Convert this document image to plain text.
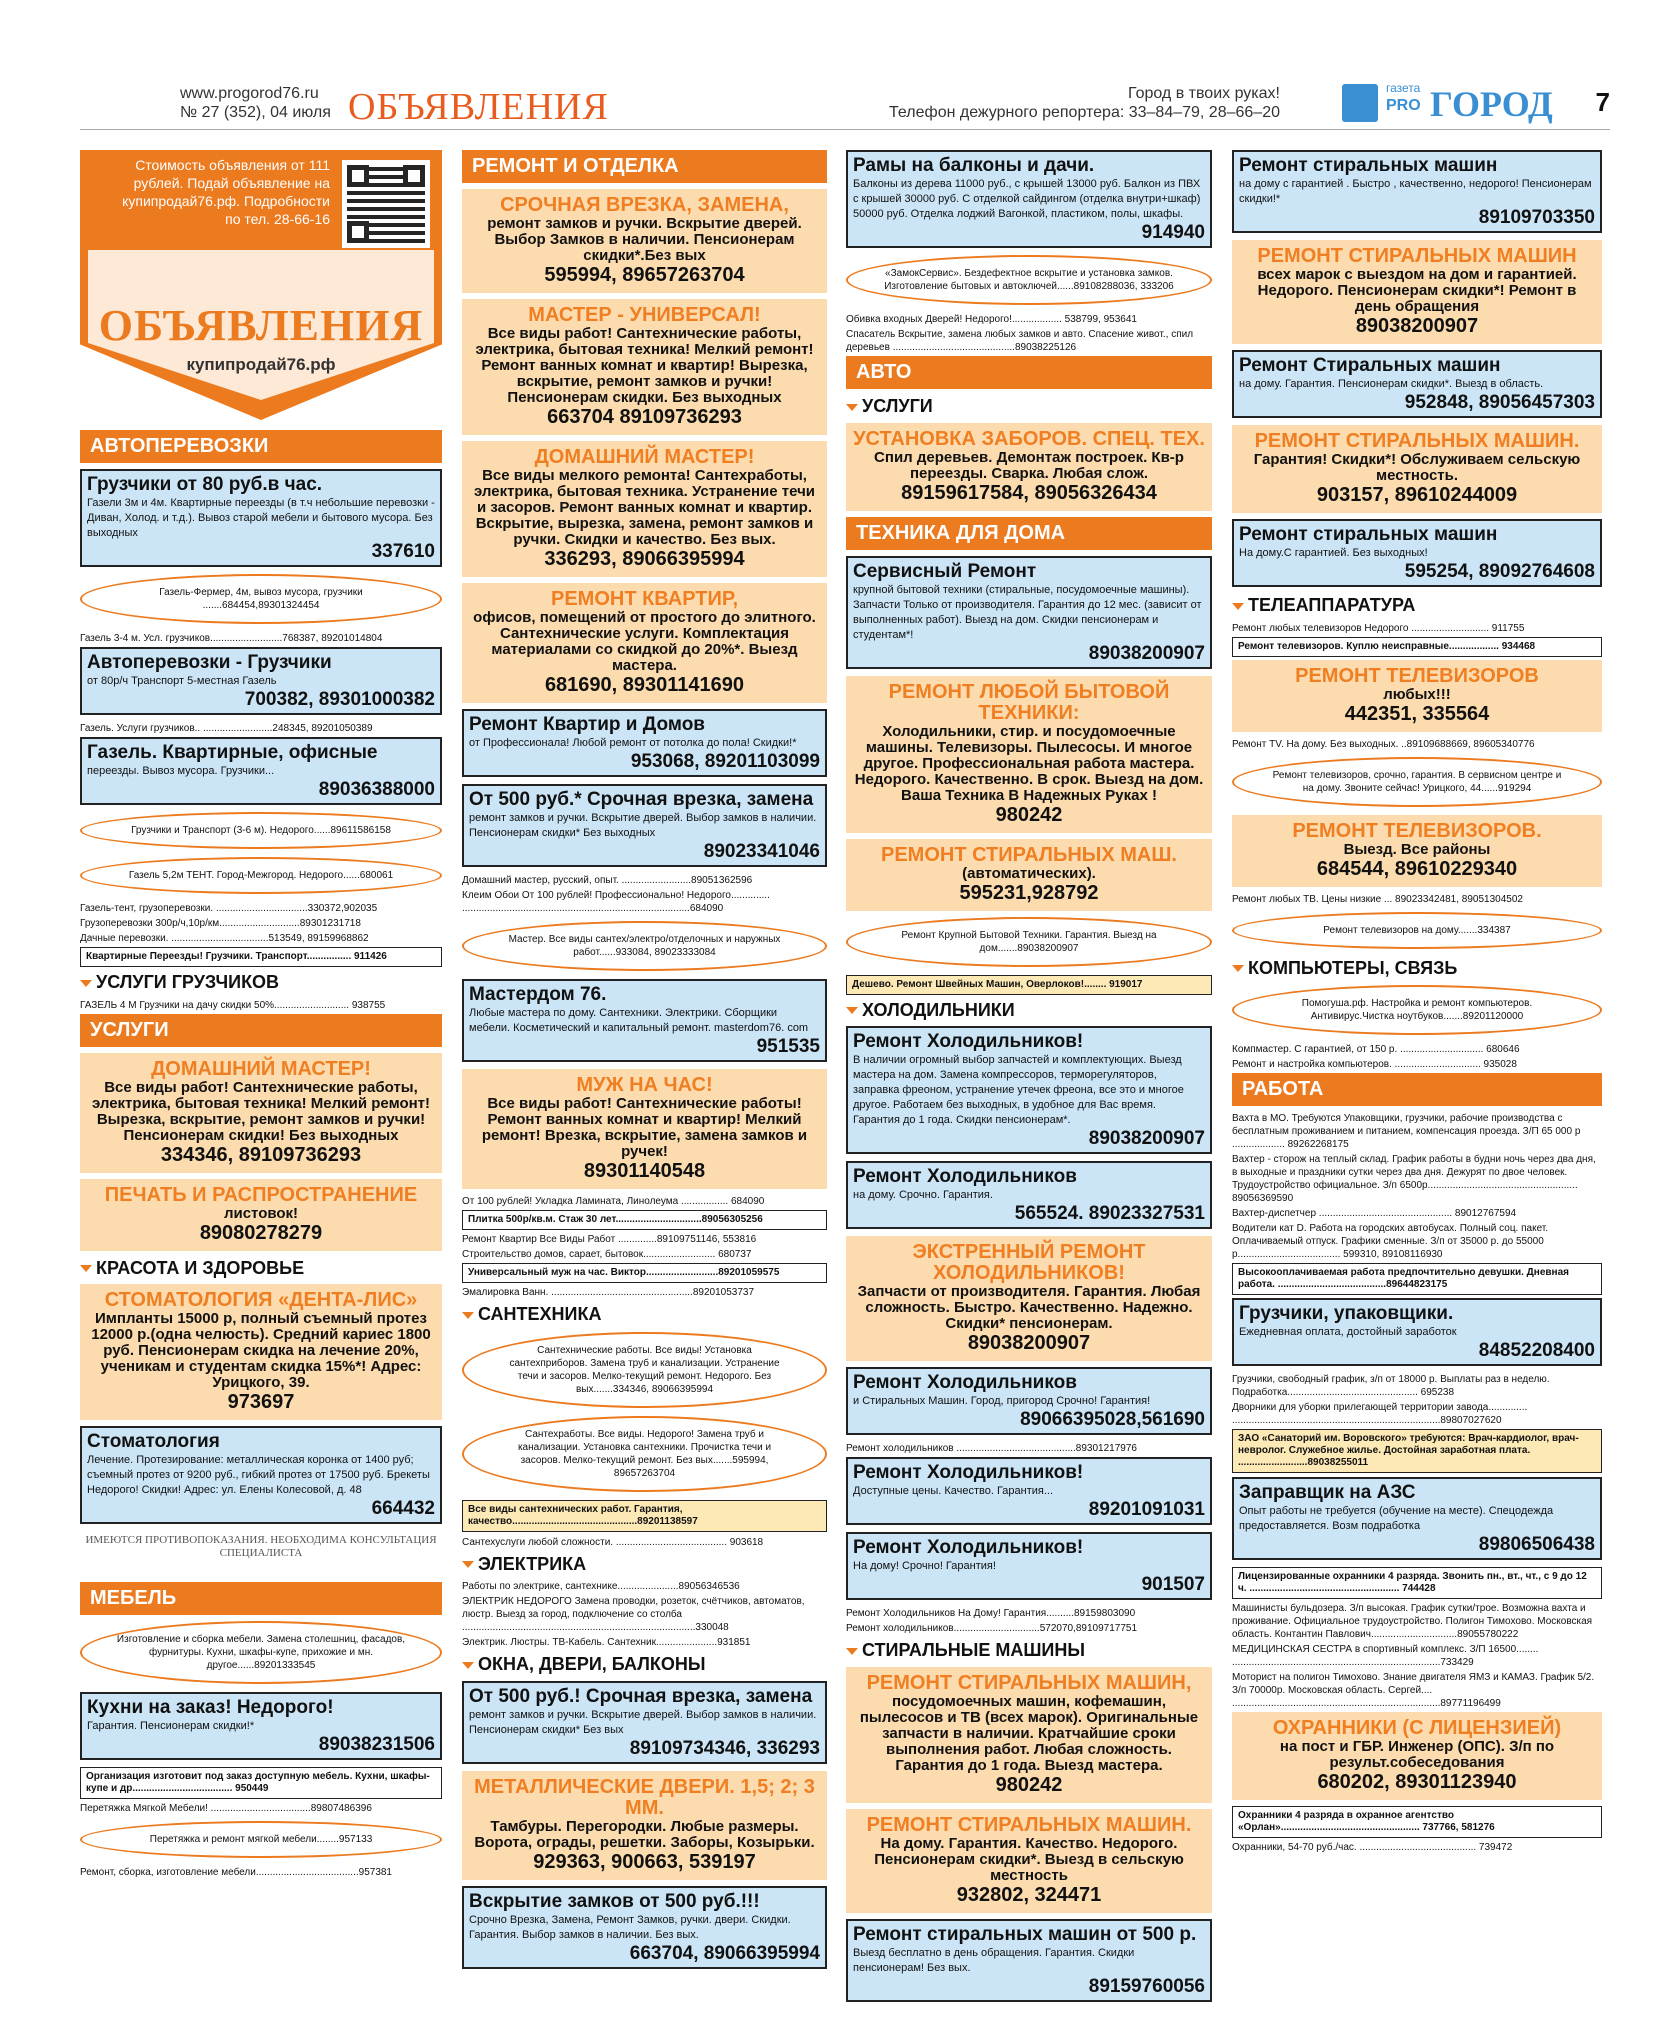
www.progorod76.ru
№ 27 (352), 04 июля ОБЪЯВЛЕНИЯ	Город в твоих руках!
Телефон дежурного репортера: 33–84–79, 28–66–20
газета
PRO ГОРОД 7
Стоимость объявления от 111 рублей. Подай объявление на купипродай76.рф. Подробности по тел. 28-66-16
ОБЪЯВЛЕНИЯ
купипродай76.рф
АВТОПЕРЕВОЗКИ
Грузчики от 80 руб.в час.
Газели 3м и 4м. Квартирные переезды (в т.ч небольшие перевозки - Диван, Холод. и т.д.). Вывоз старой мебели и бытового мусора. Без выходных
337610
Газель-Фермер, 4м, вывоз мусора, грузчики .......684454,89301324454
Газель 3-4 м. Усл. грузчиков..........................768387, 89201014804
Автоперевозки - Грузчики
от 80р/ч Транспорт 5-местная Газель
700382, 89301000382
Газель. Услуги грузчиков.. .........................248345, 89201050389
Газель. Квартирные, офисные
переезды. Вывоз мусора. Грузчики...
89036388000
Грузчики и Транспорт (3-6 м). Недорого......89611586158
Газель 5,2м ТЕНТ. Город-Межгород. Недорого......680061
Газель-тент, грузоперевозки. .................................330372,902035
Грузоперевозки 300р/ч,10р/км.............................89301231718
Дачные перевозки. ...................................513549, 89159968862
Квартирные Переезды! Грузчики. Транспорт................ 911426
УСЛУГИ ГРУЗЧИКОВ
ГАЗЕЛЬ 4 М Грузчики на дачу скидки 50%........................... 938755
УСЛУГИ
ДОМАШНИЙ МАСТЕР!
Все виды работ! Сантехнические работы, электрика, бытовая техника! Мелкий ремонт! Вырезка, вскрытие, ремонт замков и ручки! Пенсионерам скидки! Без выходных
334346, 89109736293
ПЕЧАТЬ И РАСПРОСТРАНЕНИЕ
листовок!
89080278279
КРАСОТА И ЗДОРОВЬЕ
СТОМАТОЛОГИЯ «ДЕНТА-ЛИС»
Импланты 15000 р, полный съемный протез 12000 р.(одна челюсть). Средний кариес 1800 руб. Пенсионерам скидка на лечение 20%, ученикам и студентам скидка 15%*! Адрес: Урицкого, 39.
973697
Стоматология
Лечение. Протезирование: металлическая коронка от 1400 руб; съемный протез от 9200 руб., гибкий протез от 17500 руб. Брекеты Недорого! Скидки! Адрес: ул. Елены Колесовой, д. 48
664432
ИМЕЮТСЯ ПРОТИВОПОКАЗАНИЯ. НЕОБХОДИМА КОНСУЛЬТАЦИЯ СПЕЦИАЛИСТА
МЕБЕЛЬ
Изготовление и сборка мебели. Замена столешниц, фасадов, фурнитуры. Кухни, шкафы-купе, прихожие и мн. другое......89201333545
Кухни на заказ! Недорого!
Гарантия. Пенсионерам скидки!*
89038231506
Организация изготовит под заказ доступную мебель. Кухни, шкафы-купе и др.................................... 950449
Перетяжка Мягкой Мебели! ....................................89807486396
Перетяжка и ремонт мягкой мебели........957133
Ремонт, сборка, изготовление мебели.....................................957381
РЕМОНТ И ОТДЕЛКА
СРОЧНАЯ ВРЕЗКА, ЗАМЕНА,
ремонт замков и ручки. Вскрытие дверей. Выбор Замков в наличии. Пенсионерам скидки*.Без вых
595994, 89657263704
МАСТЕР - УНИВЕРСАЛ!
Все виды работ! Сантехнические работы, электрика, бытовая техника! Мелкий ремонт! Ремонт ванных комнат и квартир! Вырезка, вскрытие, ремонт замков и ручки! Пенсионерам скидки. Без выходных
663704 89109736293
ДОМАШНИЙ МАСТЕР!
Все виды мелкого ремонта! Сантехработы, электрика, бытовая техника. Устранение течи и засоров. Ремонт ванных комнат и квартир. Вскрытие, вырезка, замена, ремонт замков и ручки. Скидки и качество. Без вых.
336293, 89066395994
РЕМОНТ КВАРТИР,
офисов, помещений от простого до элитного. Сантехнические услуги. Комплектация материалами со скидкой до 20%*. Выезд мастера.
681690, 89301141690
Ремонт Квартир и Домов
от Профессионала! Любой ремонт от потолка до пола! Скидки!*
953068, 89201103099
От 500 руб.* Срочная врезка, замена
ремонт замков и ручки. Вскрытие дверей. Выбор замков в наличии. Пенсионерам скидки* Без выходных
89023341046
Домашний мастер, русский, опыт. .........................89051362596
Клеим Обои От 100 рублей! Профессионально! Недорого.............. ..................................................................................684090
Мастер. Все виды сантех/электро/отделочных и наружных работ......933084, 89023333084
Мастердом 76.
Любые мастера по дому. Сантехники. Электрики. Сборщики мебели. Косметический и капитальный ремонт. masterdom76. com
951535
МУЖ НА ЧАС!
Все виды работ! Сантехнические работы! Ремонт ванных комнат и квартир! Мелкий ремонт! Врезка, вскрытие, замена замков и ручек!
89301140548
От 100 рублей! Укладка Ламината, Линолеума ................. 684090
Плитка 500р/кв.м. Стаж 30 лет...............................89056305256
Ремонт Квартир Все Виды Работ ..............89109751146, 553816
Строительство домов, сарает, бытовок.......................... 680737
Универсальный муж на час. Виктор..........................89201059575
Эмалировка Ванн. ...................................................89201053737
САНТЕХНИКА
Сантехнические работы. Все виды! Установка сантехприборов. Замена труб и канализации. Устранение течи и засоров. Мелко-текущий ремонт. Недорого. Без вых.......334346, 89066395994
Сантехработы. Все виды. Недорого! Замена труб и канализации. Установка сантехники. Прочистка течи и засоров. Мелко-текущий ремонт. Без вых.......595994, 89657263704
Все виды сантехнических работ. Гарантия, качество.............................................89201138597
Сантехуслуги любой сложности. ........................................ 903618
ЭЛЕКТРИКА
Работы по электрике, сантехнике......................89056346536
ЭЛЕКТРИК НЕДОРОГО Замена проводки, розеток, счётчиков, автоматов, люстр. Выезд за город, подключение со столба ....................................................................................330048
Электрик. Люстры. ТВ-Кабель. Сантехник......................931851
ОКНА, ДВЕРИ, БАЛКОНЫ
От 500 руб.! Срочная врезка, замена
ремонт замков и ручки. Вскрытие дверей. Выбор замков в наличии. Пенсионерам скидки* Без вых
89109734346, 336293
МЕТАЛЛИЧЕСКИЕ ДВЕРИ. 1,5; 2; 3 ММ.
Тамбуры. Перегородки. Любые размеры. Ворота, ограды, решетки. Заборы, Козырьки.
929363, 900663, 539197
Вскрытие замков от 500 руб.!!!
Срочно Врезка, Замена, Ремонт Замков, ручки. двери. Скидки. Гарантия. Выбор замков в наличии. Без вых.
663704, 89066395994
Рамы на балконы и дачи.
Балконы из дерева 11000 руб., с крышей 13000 руб. Балкон из ПВХ с крышей 30000 руб. С отделкой сайдингом (отделка внутри+шкаф) 50000 руб. Отделка лоджий Вагонкой, пластиком, полы, шкафы.
914940
«ЗамокСервис». Бездефектное вскрытие и установка замков. Изготовление бытовых и автоключей......89108288036, 333206
Обивка входных Дверей! Недорого!.................. 538799, 953641
Спасатель Вскрытие, замена любых замков и авто. Спасение живот., спил деревьев ............................................89038225126
АВТО
УСЛУГИ
УСТАНОВКА ЗАБОРОВ. СПЕЦ. ТЕХ.
Спил деревьев. Демонтаж построек. Кв-р переезды. Сварка. Любая слож.
89159617584, 89056326434
ТЕХНИКА ДЛЯ ДОМА
Сервисный Ремонт
крупной бытовой техники (стиральные, посудомоечные машины). Запчасти Только от производителя. Гарантия до 12 мес. (зависит от выполненных работ). Выезд на дом. Скидки пенсионерам и студентам*!
89038200907
РЕМОНТ ЛЮБОЙ БЫТОВОЙ ТЕХНИКИ:
Холодильники, стир. и посудомоечные машины. Телевизоры. Пылесосы. И многое другое. Профессиональная работа мастера. Недорого. Качественно. В срок. Выезд на дом. Ваша Техника В Надежных Руках !
980242
РЕМОНТ СТИРАЛЬНЫХ МАШ.
(автоматических).
595231,928792
Ремонт Крупной Бытовой Техники. Гарантия. Выезд на дом.......89038200907
Дешево. Ремонт Швейных Машин, Оверлоков!........ 919017
ХОЛОДИЛЬНИКИ
Ремонт Холодильников!
В наличии огромный выбор запчастей и комплектующих. Выезд мастера на дом. Замена компрессоров, терморегуляторов, заправка фреоном, устранение утечек фреона, все это и многое другое. Работаем без выходных, в удобное для Вас время. Гарантия до 1 года. Скидки пенсионерам*.
89038200907
Ремонт Холодильников
на дому. Срочно. Гарантия.
565524. 89023327531
ЭКСТРЕННЫЙ РЕМОНТ ХОЛОДИЛЬНИКОВ!
Запчасти от производителя. Гарантия. Любая сложность. Быстро. Качественно. Надежно. Скидки* пенсионерам.
89038200907
Ремонт Холодильников
и Стиральных Машин. Город, пригород Срочно! Гарантия!
89066395028,561690
Ремонт холодильников ...........................................89301217976
Ремонт Холодильников!
Доступные цены. Качество. Гарантия...
89201091031
Ремонт Холодильников!
На дому! Срочно! Гарантия!
901507
Ремонт Холодильников На Дому! Гарантия..........89159803090
Ремонт холодильников...............................572070,89109717751
СТИРАЛЬНЫЕ МАШИНЫ
РЕМОНТ СТИРАЛЬНЫХ МАШИН,
посудомоечных машин, кофемашин, пылесосов и ТВ (всех марок). Оригинальные запчасти в наличии. Кратчайшие сроки выполнения работ. Любая сложность. Гарантия до 1 года. Выезд мастера.
980242
РЕМОНТ СТИРАЛЬНЫХ МАШИН.
На дому. Гарантия. Качество. Недорого. Пенсионерам скидки*. Выезд в сельскую местность
932802, 324471
Ремонт стиральных машин от 500 р.
Выезд бесплатно в день обращения. Гарантия. Скидки пенсионерам! Без вых.
89159760056
Ремонт стиральных машин
на дому с гарантией . Быстро , качественно, недорого! Пенсионерам скидки!*
89109703350
РЕМОНТ СТИРАЛЬНЫХ МАШИН
всех марок с выездом на дом и гарантией. Недорого. Пенсионерам скидки*! Ремонт в день обращения
89038200907
Ремонт Стиральных машин
на дому. Гарантия. Пенсионерам скидки*. Выезд в область.
952848, 89056457303
РЕМОНТ СТИРАЛЬНЫХ МАШИН.
Гарантия! Скидки*! Обслуживаем сельскую местность.
903157, 89610244009
Ремонт стиральных машин
На дому.С гарантией. Без выходных!
595254, 89092764608
ТЕЛЕАППАРАТУРА
Ремонт любых телевизоров Недорого ............................ 911755
Ремонт телевизоров. Куплю неисправные.................. 934468
РЕМОНТ ТЕЛЕВИЗОРОВ
любых!!!
442351, 335564
Ремонт TV. На дому. Без выходных. ..89109688669, 89605340776
Ремонт телевизоров, срочно, гарантия. В сервисном центре и на дому. Звоните сейчас! Урицкого, 44......919294
РЕМОНТ ТЕЛЕВИЗОРОВ.
Выезд. Все районы
684544, 89610229340
Ремонт любых ТВ. Цены низкие ... 89023342481, 89051304502
Ремонт телевизоров на дому.......334387
КОМПЬЮТЕРЫ, СВЯЗЬ
Помогуша.рф. Настройка и ремонт компьютеров. Антивирус.Чистка ноутбуков.......89201120000
Компмастер. С гарантией, от 150 р. .............................. 680646
Ремонт и настройка компьютеров. ............................... 935028
РАБОТА
Вахта в МО. Требуются Упаковщики, грузчики, рабочие производства с бесплатным проживанием и питанием, компенсация проезда. З/П 65 000 р ................... 89262268175
Вахтер - сторож на теплый склад. График работы в будни ночь через два дня, в выходные и праздники сутки через два дня. Дежурят по двое человек. Трудоустройство официальное. З/п 6500р...................................................... 89056369590
Вахтер-диспетчер ................................................ 89012767594
Водители кат D. Работа на городских автобусах. Полный соц. пакет. Оплачиваемый отпуск. Графики сменные. З/п от 35000 р. до 55000 р..................................... 599310, 89108116930
Высокооплачиваемая работа предпочтительно девушки. Дневная работа. .......................................89644823175
Грузчики, упаковщики.
Ежедневная оплата, достойный заработок
84852208400
Грузчики, свободный график, з/п от 18000 р. Выплаты раз в неделю. Подработка............................................... 695238
Дворники для уборки прилегающей территории завода.............. ...........................................................................89807027620
ЗАО «Санаторий им. Воровского» требуются: Врач-кардиолог, врач-невролог. Служебное жилье. Достойная заработная плата. .........................89038255011
Заправщик на АЗС
Опыт работы не требуется (обучение на месте). Спецодежда предоставляется. Возм подработка
89806506438
Лицензированные охранники 4 разряда. Звонить пн., вт., чт., с 9 до 12 ч. ...................................................... 744428
Машинисты бульдозера. З/п высокая. График сутки/трое. Возможна вахта и проживание. Официальное трудоустройство. Полигон Тимохово. Московская область. Контантин Павлович...............................89055780222
МЕДИЦИНСКАЯ СЕСТРА в спортивный комплекс. З/П 16500........ ...........................................................................733429
Моторист на полигон Тимохово. Знание двигателя ЯМЗ и КАМАЗ. График 5/2. З/п 70000р. Московская область. Сергей.... ...........................................................................89771196499
ОХРАННИКИ (С ЛИЦЕНЗИЕЙ)
на пост и ГБР. Инженер (ОПС). З/п по результ.собеседования
680202, 89301123940
Охранники 4 разряда в охранное агентство «Орлан».................................................. 737766, 581276
Охранники, 54-70 руб./час. .......................................... 739472
